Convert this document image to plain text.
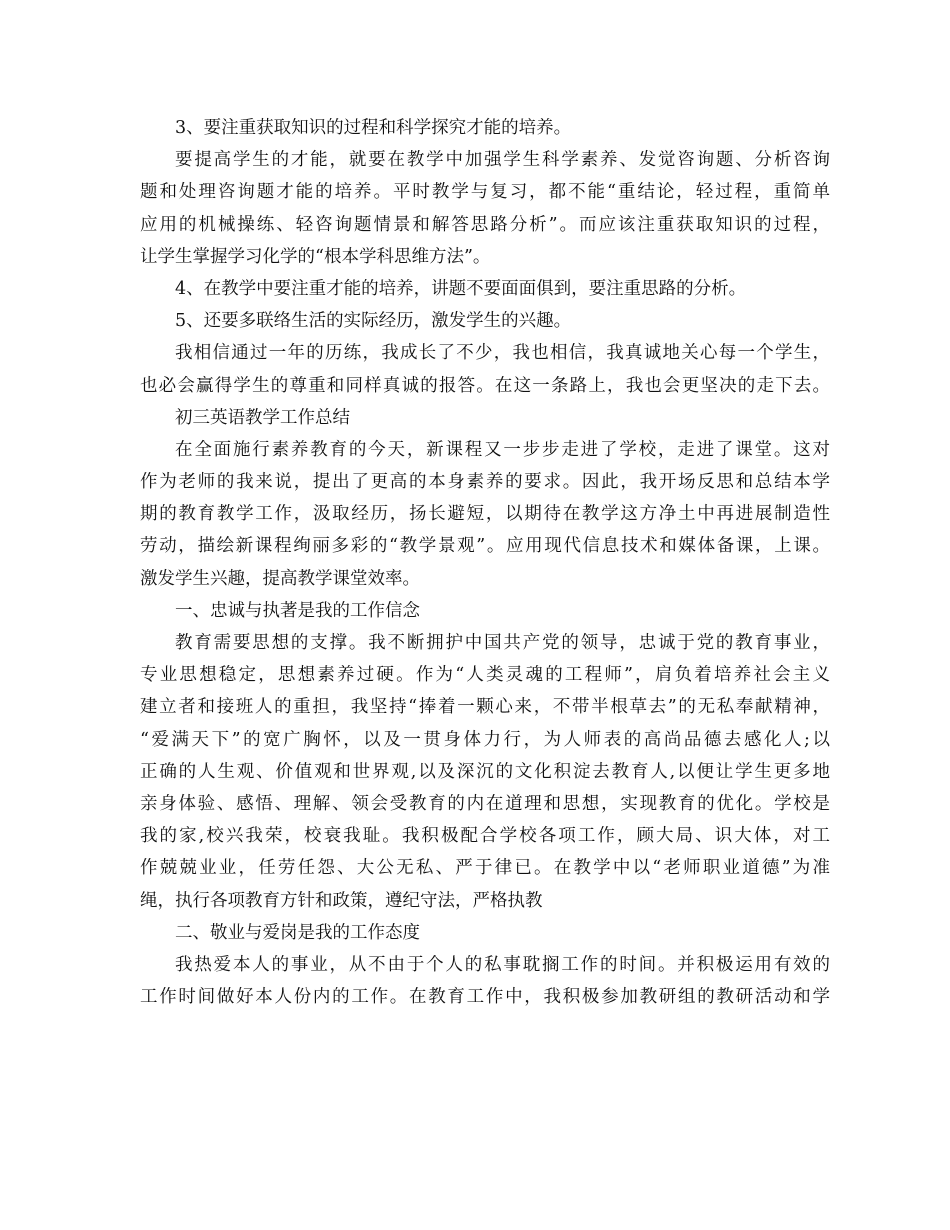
3、要注重获取知识的过程和科学探究才能的培养。
要提高学生的才能，就要在教学中加强学生科学素养、发觉咨询题、分析咨询
题和处理咨询题才能的培养。平时教学与复习，都不能“重结论，轻过程，重简单
应用的机械操练、轻咨询题情景和解答思路分析”。而应该注重获取知识的过程，
让学生掌握学习化学的“根本学科思维方法”。
4、在教学中要注重才能的培养，讲题不要面面俱到，要注重思路的分析。
5、还要多联络生活的实际经历，激发学生的兴趣。
我相信通过一年的历练，我成长了不少，我也相信，我真诚地关心每一个学生，
也必会赢得学生的尊重和同样真诚的报答。在这一条路上，我也会更坚决的走下去。
初三英语教学工作总结
在全面施行素养教育的今天，新课程又一步步走进了学校，走进了课堂。这对
作为老师的我来说，提出了更高的本身素养的要求。因此，我开场反思和总结本学
期的教育教学工作，汲取经历，扬长避短，以期待在教学这方净土中再进展制造性
劳动，描绘新课程绚丽多彩的“教学景观”。应用现代信息技术和媒体备课，上课。
激发学生兴趣，提高教学课堂效率。
一、忠诚与执著是我的工作信念
教育需要思想的支撑。我不断拥护中国共产党的领导，忠诚于党的教育事业，
专业思想稳定，思想素养过硬。作为“人类灵魂的工程师”，肩负着培养社会主义
建立者和接班人的重担，我坚持“捧着一颗心来，不带半根草去”的无私奉献精神，
“爱满天下”的宽广胸怀，以及一贯身体力行，为人师表的高尚品德去感化人;以
正确的人生观、价值观和世界观,以及深沉的文化积淀去教育人,以便让学生更多地
亲身体验、感悟、理解、领会受教育的内在道理和思想，实现教育的优化。学校是
我的家,校兴我荣，校衰我耻。我积极配合学校各项工作，顾大局、识大体，对工
作兢兢业业，任劳任怨、大公无私、严于律已。在教学中以“老师职业道德”为准
绳，执行各项教育方针和政策，遵纪守法，严格执教
二、敬业与爱岗是我的工作态度
我热爱本人的事业，从不由于个人的私事耽搁工作的时间。并积极运用有效的
工作时间做好本人份内的工作。在教育工作中，我积极参加教研组的教研活动和学
